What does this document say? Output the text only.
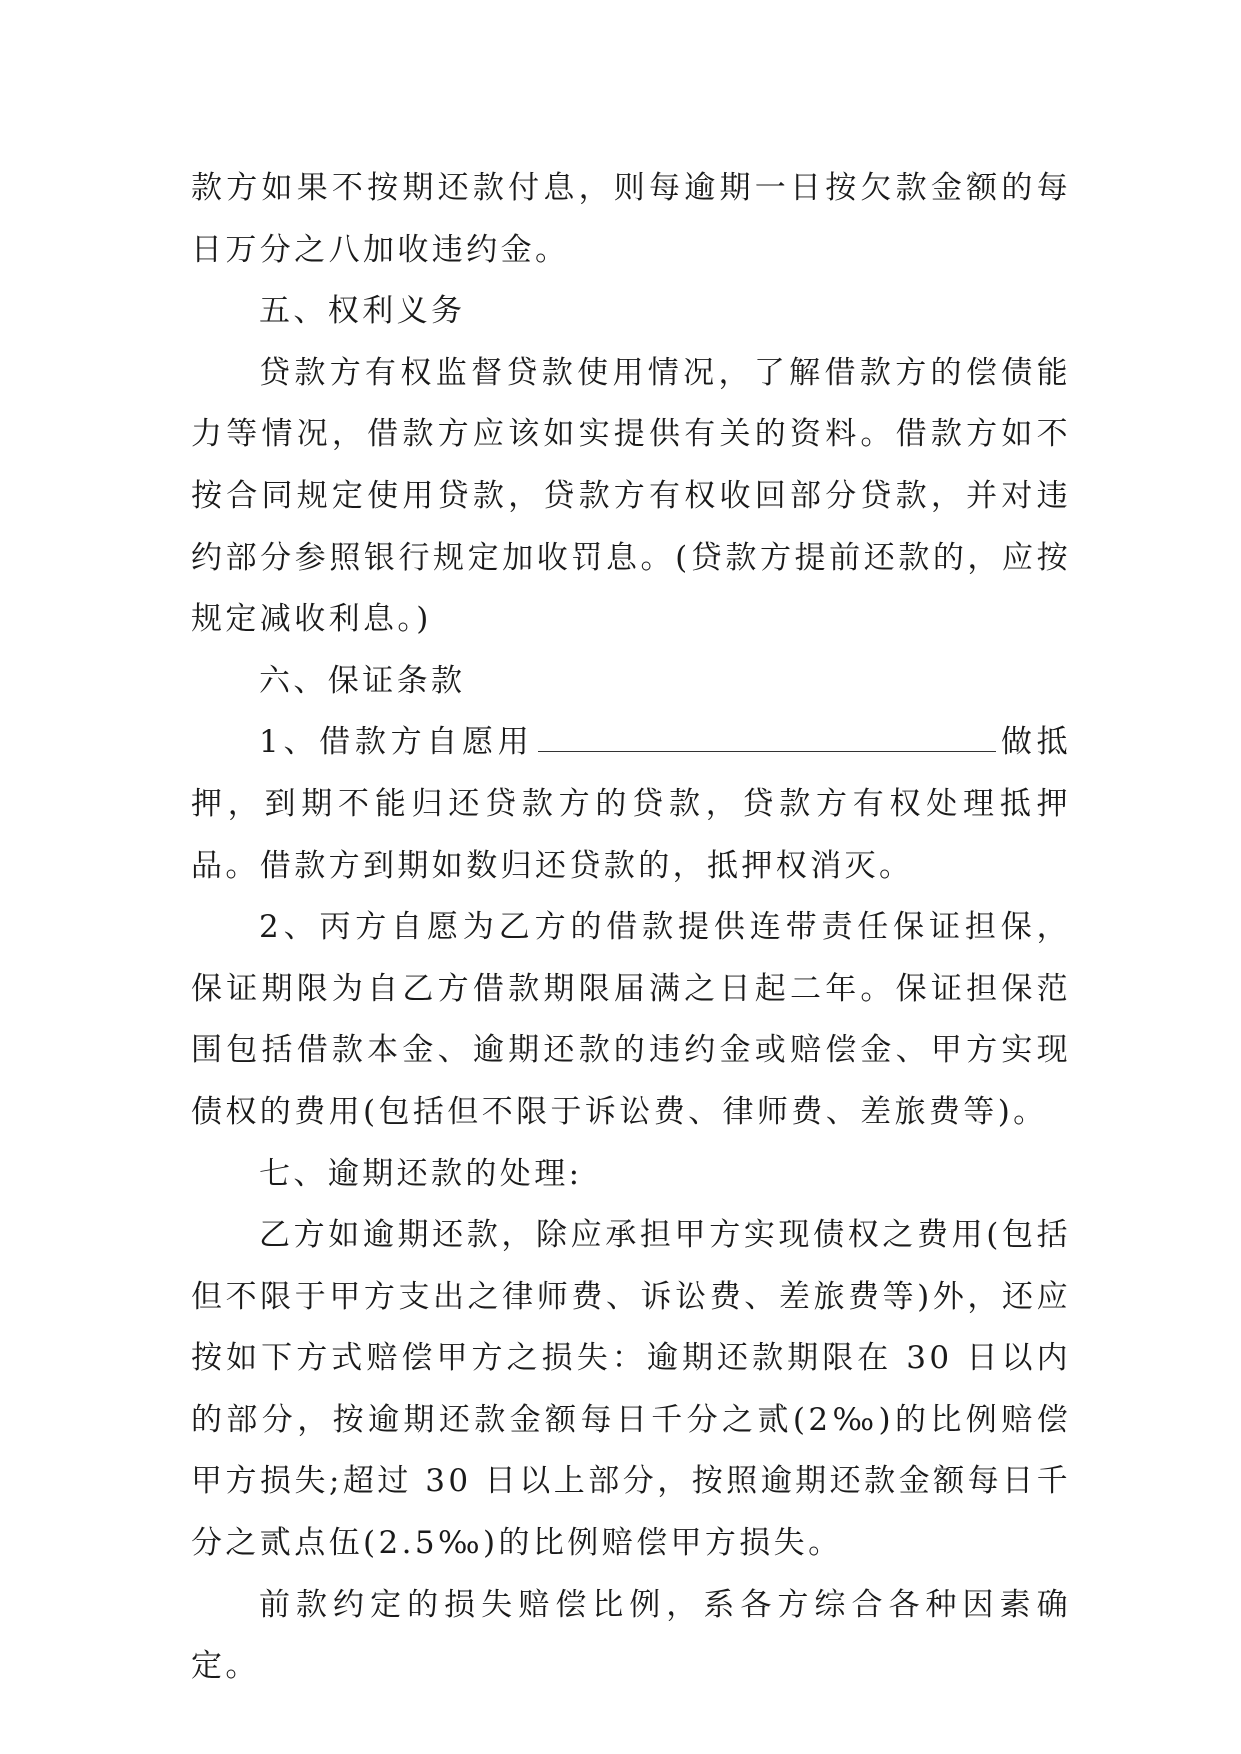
款方如果不按期还款付息，则每逾期一日按欠款金额的每日万分之八加收违约金。

五、权利义务

贷款方有权监督贷款使用情况，了解借款方的偿债能力等情况，借款方应该如实提供有关的资料。借款方如不按合同规定使用贷款，贷款方有权收回部分贷款，并对违约部分参照银行规定加收罚息。(贷款方提前还款的，应按规定减收利息。)

六、保证条款

1、借款方自愿用	做抵押，到期不能归还贷款方的贷款，贷款方有权处理抵押品。借款方到期如数归还贷款的，抵押权消灭。

2、丙方自愿为乙方的借款提供连带责任保证担保，保证期限为自乙方借款期限届满之日起二年。保证担保范围包括借款本金、逾期还款的违约金或赔偿金、甲方实现债权的费用(包括但不限于诉讼费、律师费、差旅费等)。

七、逾期还款的处理:

乙方如逾期还款，除应承担甲方实现债权之费用(包括但不限于甲方支出之律师费、诉讼费、差旅费等)外，还应按如下方式赔偿甲方之损失：逾期还款期限在 30 日以内的部分，按逾期还款金额每日千分之贰(2‰)的比例赔偿甲方损失;超过 30 日以上部分，按照逾期还款金额每日千分之贰点伍(2.5‰)的比例赔偿甲方损失。

前款约定的损失赔偿比例，系各方综合各种因素确定。
